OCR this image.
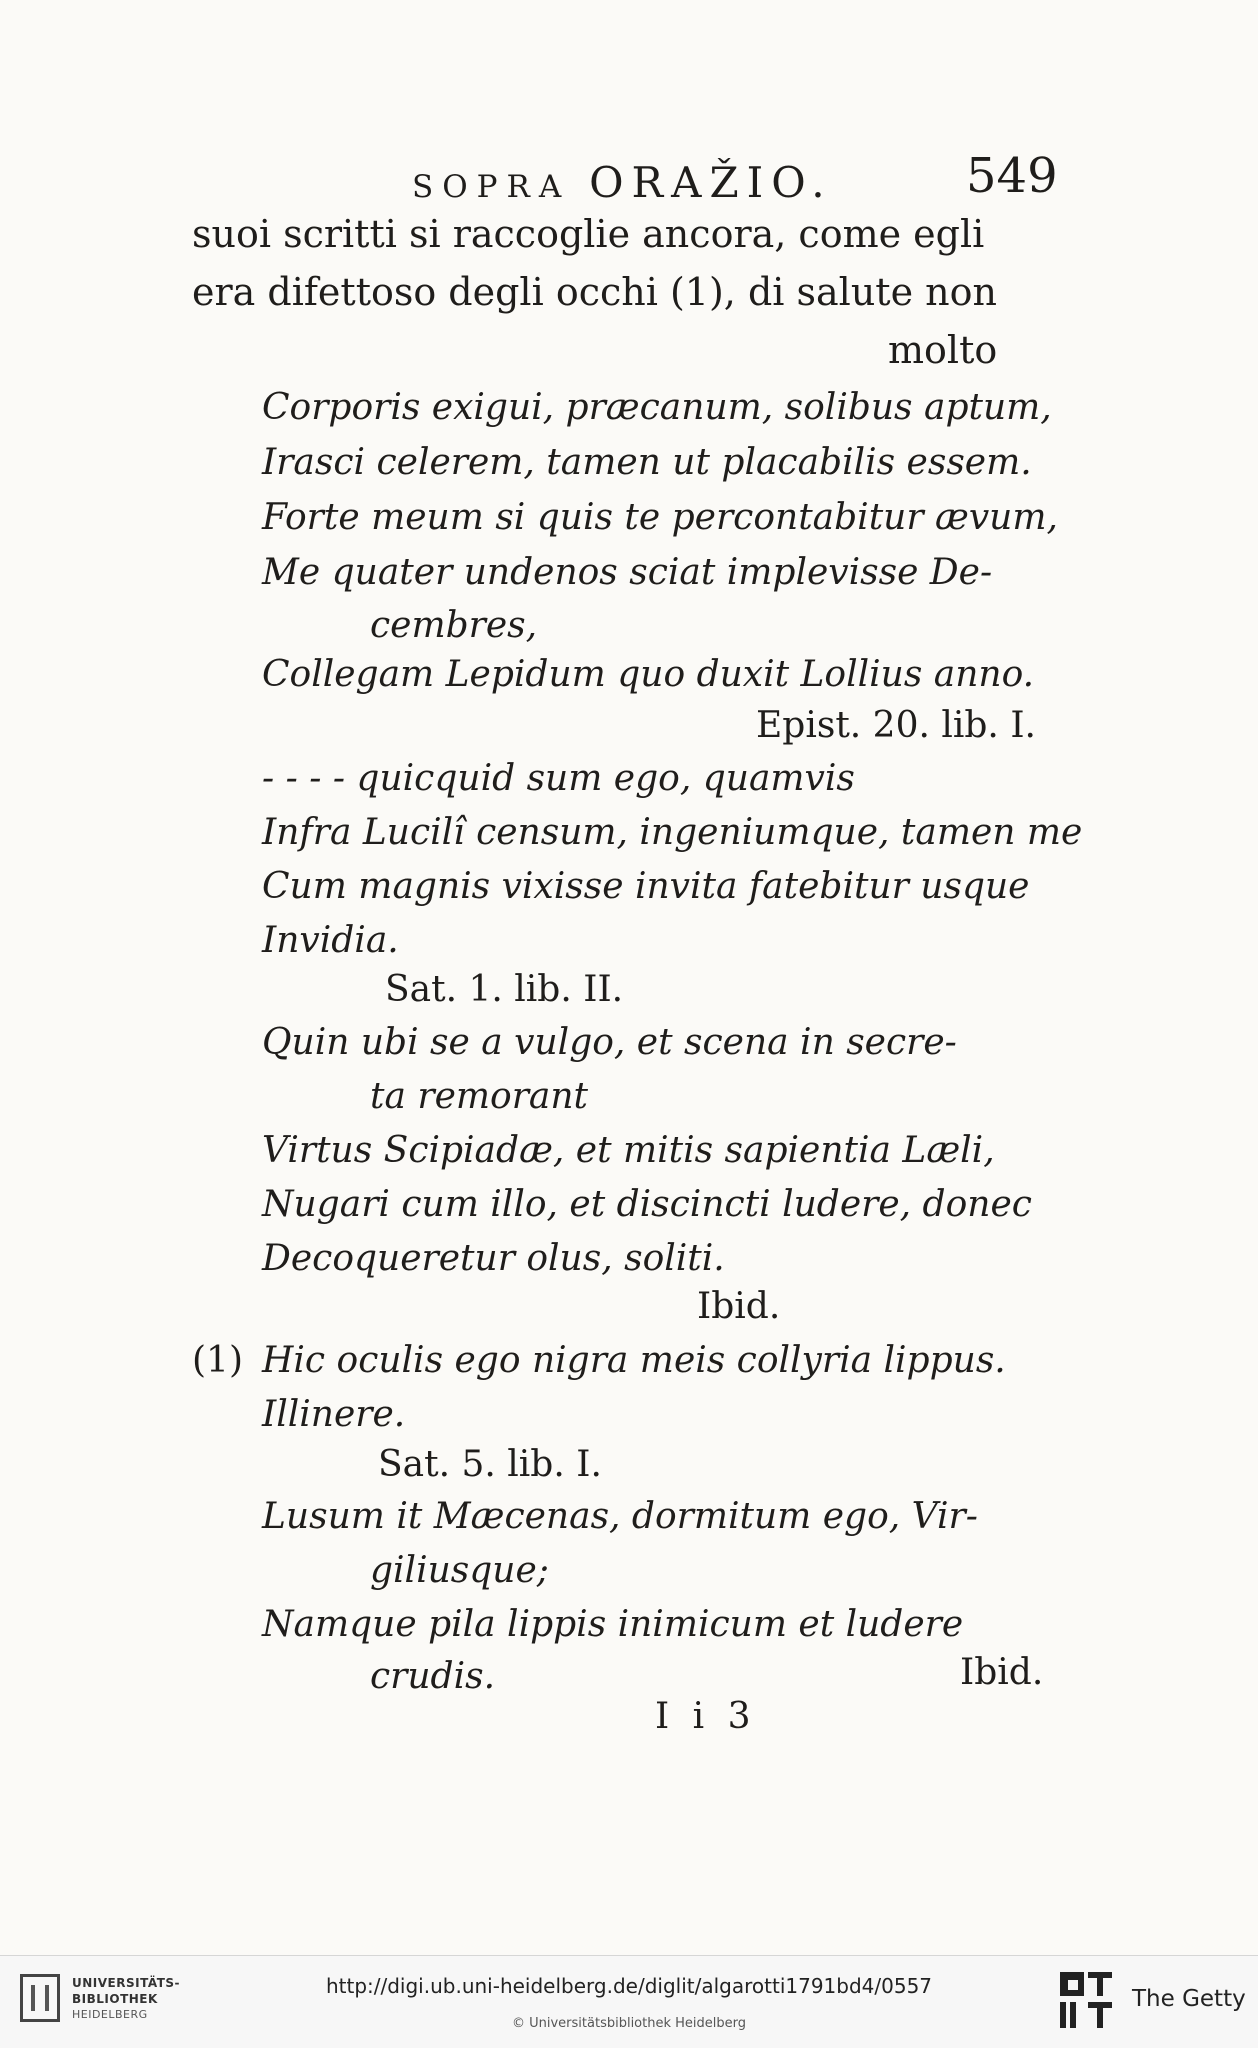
SOPRA ORAŽIO.	549
suoi scritti si raccoglie ancora, come egli
era difettoso degli occhi (1), di salute non
molto
Corporis exigui, præcanum, solibus aptum,
Irasci celerem, tamen ut placabilis essem.
Forte meum si quis te percontabitur ævum,
Me quater undenos sciat implevisse De-
cembres,
Collegam Lepidum quo duxit Lollius anno.
Epist. 20. lib. I.
- - - - quicquid sum ego, quamvis
Infra Lucilî censum, ingeniumque, tamen me
Cum magnis vixisse invita fatebitur usque
Invidia.
Sat. 1. lib. II.
Quin ubi se a vulgo, et scena in secre-
ta remorant
Virtus Scipiadæ, et mitis sapientia Læli,
Nugari cum illo, et discincti ludere, donec
Decoqueretur olus, soliti.
Ibid.
(1) Hic oculis ego nigra meis collyria lippus.
Illinere.
Sat. 5. lib. I.
Lusum it Mæcenas, dormitum ego, Vir-
giliusque;
Namque pila lippis inimicum et ludere
crudis.	Ibid.
I i 3
UNIVERSITÄTS-
BIBLIOTHEK
HEIDELBERG
http://digi.ub.uni-heidelberg.de/diglit/algarotti1791bd4/0557
© Universitätsbibliothek Heidelberg
The Getty
